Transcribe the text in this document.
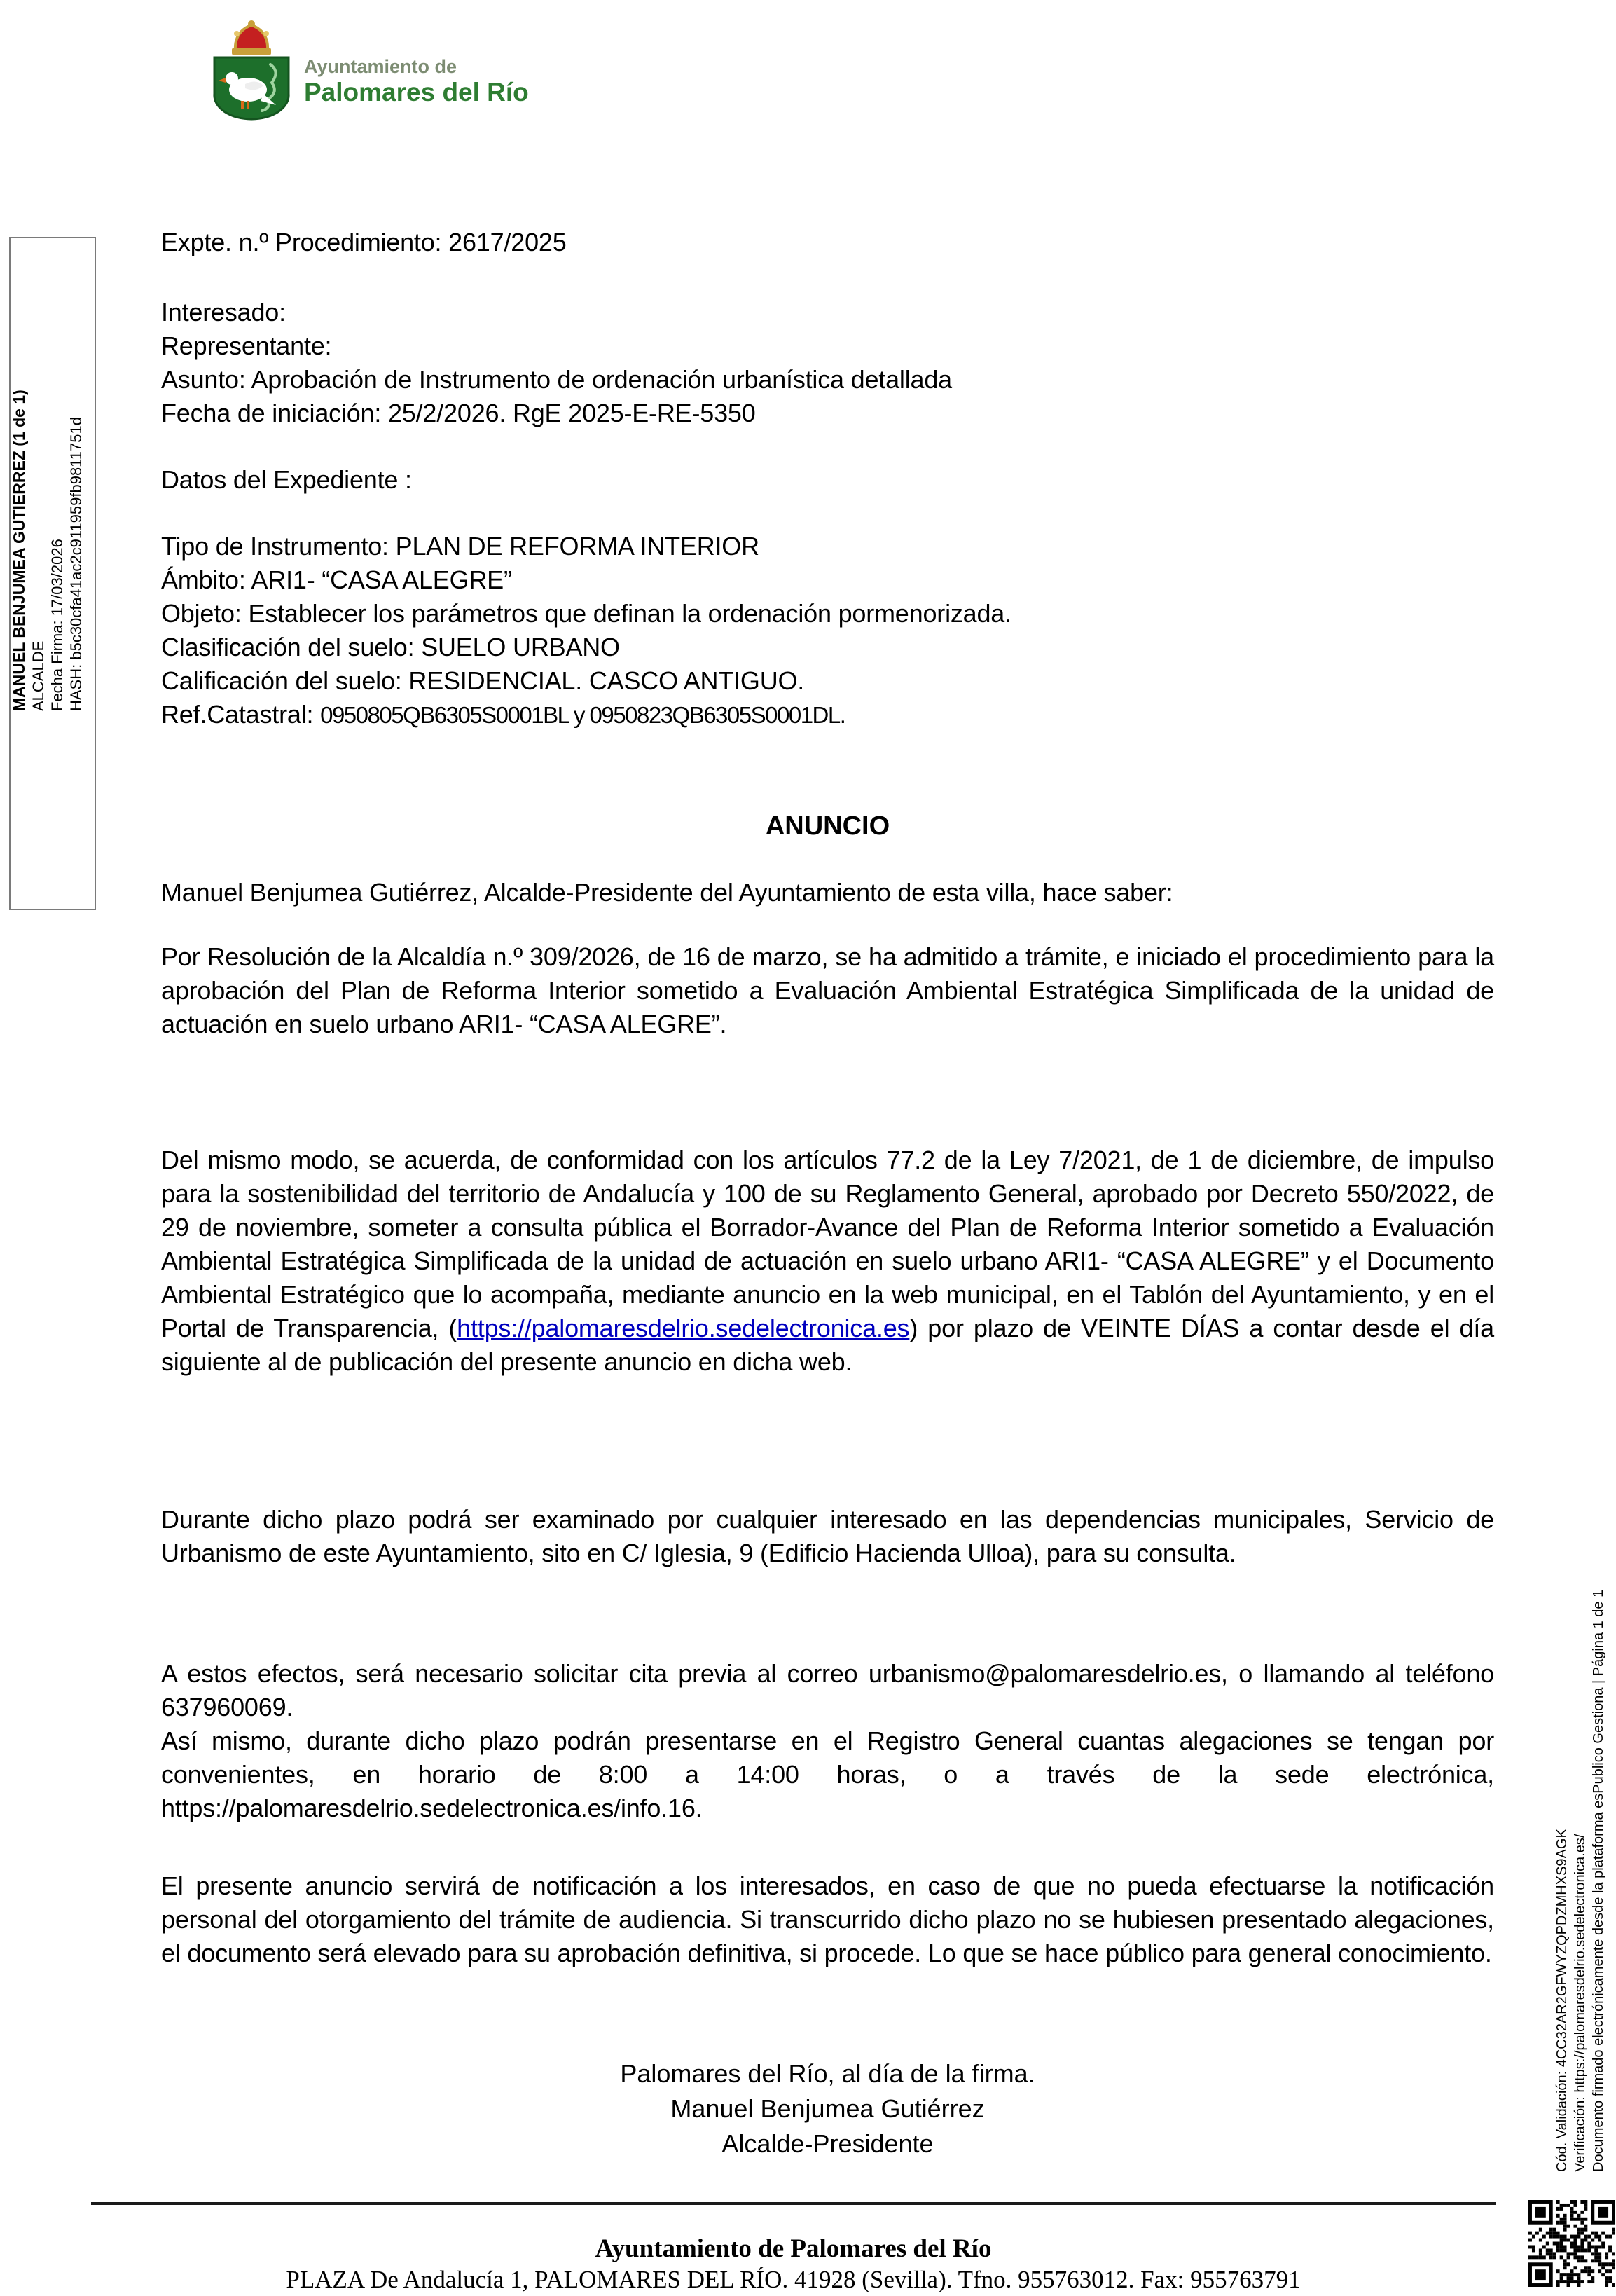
Ayuntamiento de
Palomares del Río
MANUEL BENJUMEA GUTIERREZ (1 de 1) ALCALDE Fecha Firma: 17/03/2026 HASH: b5c30cfa41ac2c911959fb9811751d
Expte. n.º Procedimiento: 2617/2025
Interesado:
Representante:
Asunto: Aprobación de Instrumento de ordenación urbanística detallada
Fecha de iniciación: 25/2/2026. RgE 2025-E-RE-5350
Datos del Expediente :
Tipo de Instrumento: PLAN DE REFORMA INTERIOR
Ámbito: ARI1- “CASA ALEGRE”
Objeto: Establecer los parámetros que definan la ordenación pormenorizada.
Clasificación del suelo: SUELO URBANO
Calificación del suelo: RESIDENCIAL. CASCO ANTIGUO.
Ref.Catastral: 0950805QB6305S0001BL y 0950823QB6305S0001DL.
ANUNCIO
Manuel Benjumea Gutiérrez, Alcalde-Presidente del Ayuntamiento de esta villa, hace saber:
Por Resolución de la Alcaldía n.º 309/2026, de 16 de marzo, se ha admitido a trámite, e iniciado el procedimiento para la aprobación del Plan de Reforma Interior sometido a Evaluación Ambiental Estratégica Simplificada de la unidad de actuación en suelo urbano ARI1- “CASA ALEGRE”.
Del mismo modo, se acuerda, de conformidad con los artículos 77.2 de la Ley 7/2021, de 1 de diciembre, de impulso para la sostenibilidad del territorio de Andalucía y 100 de su Reglamento General, aprobado por Decreto 550/2022, de 29 de noviembre, someter a consulta pública el Borrador-Avance del Plan de Reforma Interior sometido a Evaluación Ambiental Estratégica Simplificada de la unidad de actuación en suelo urbano ARI1- “CASA ALEGRE” y el Documento Ambiental Estratégico que lo acompaña, mediante anuncio en la web municipal, en el Tablón del Ayuntamiento, y en el Portal de Transparencia, (https://palomaresdelrio.sedelectronica.es) por plazo de VEINTE DÍAS a contar desde el día siguiente al de publicación del presente anuncio en dicha web.
Durante dicho plazo podrá ser examinado por cualquier interesado en las dependencias municipales, Servicio de Urbanismo de este Ayuntamiento, sito en C/ Iglesia, 9 (Edificio Hacienda Ulloa), para su consulta.
A estos efectos, será necesario solicitar cita previa al correo urbanismo@palomaresdelrio.es, o llamando al teléfono 637960069.
Así mismo, durante dicho plazo podrán presentarse en el Registro General cuantas alegaciones se tengan por convenientes, en horario de 8:00 a 14:00 horas, o a través de la sede electrónica, https://palomaresdelrio.sedelectronica.es/info.16.
El presente anuncio servirá de notificación a los interesados, en caso de que no pueda efectuarse la notificación personal del otorgamiento del trámite de audiencia. Si transcurrido dicho plazo no se hubiesen presentado alegaciones, el documento será elevado para su aprobación definitiva, si procede. Lo que se hace público para general conocimiento.
Palomares del Río, al día de la firma.
Manuel Benjumea Gutiérrez
Alcalde-Presidente	Cód. Validación: 4CC32AR2GFWYZQPDZMHXS9AGK Verificación: https://palomaresdelrio.sedelectronica.es/ Documento firmado electrónicamente desde la plataforma esPublico Gestiona | Página 1 de 1
Ayuntamiento de Palomares del Río
PLAZA De Andalucía 1, PALOMARES DEL RÍO. 41928 (Sevilla). Tfno. 955763012. Fax: 955763791
